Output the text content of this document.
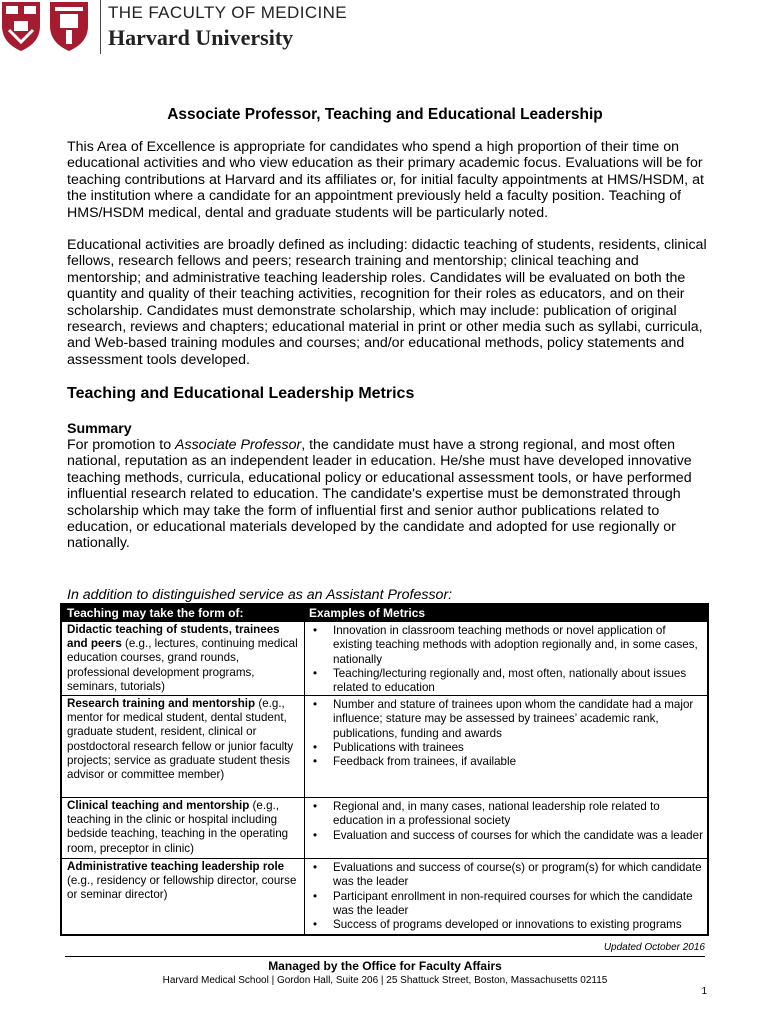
THE FACULTY OF MEDICINE
Harvard University
Associate Professor, Teaching and Educational Leadership

This Area of Excellence is appropriate for candidates who spend a high proportion of their time on educational activities and who view education as their primary academic focus. Evaluations will be for teaching contributions at Harvard and its affiliates or, for initial faculty appointments at HMS/HSDM, at the institution where a candidate for an appointment previously held a faculty position. Teaching of HMS/HSDM medical, dental and graduate students will be particularly noted.

Educational activities are broadly defined as including: didactic teaching of students, residents, clinical fellows, research fellows and peers; research training and mentorship; clinical teaching and mentorship; and administrative teaching leadership roles. Candidates will be evaluated on both the quantity and quality of their teaching activities, recognition for their roles as educators, and on their scholarship. Candidates must demonstrate scholarship, which may include: publication of original research, reviews and chapters; educational material in print or other media such as syllabi, curricula, and Web-based training modules and courses; and/or educational methods, policy statements and assessment tools developed.

Teaching and Educational Leadership Metrics
Summary

For promotion to Associate Professor, the candidate must have a strong regional, and most often national, reputation as an independent leader in education. He/she must have developed innovative teaching methods, curricula, educational policy or educational assessment tools, or have performed influential research related to education. The candidate's expertise must be demonstrated through scholarship which may take the form of influential first and senior author publications related to education, or educational materials developed by the candidate and adopted for use regionally or nationally.

In addition to distinguished service as an Assistant Professor:
Teaching may take the form of:	Examples of Metrics
Didactic teaching of students, trainees and peers (e.g., lectures, continuing medical education courses, grand rounds, professional development programs, seminars, tutorials)
• Innovation in classroom teaching methods or novel application of existing teaching methods with adoption regionally and, in some cases, nationally
• Teaching/lecturing regionally and, most often, nationally about issues related to education
Research training and mentorship (e.g., mentor for medical student, dental student, graduate student, resident, clinical or postdoctoral research fellow or junior faculty projects; service as graduate student thesis advisor or committee member)
• Number and stature of trainees upon whom the candidate had a major influence; stature may be assessed by trainees’ academic rank, publications, funding and awards
• Publications with trainees
• Feedback from trainees, if available
Clinical teaching and mentorship (e.g., teaching in the clinic or hospital including bedside teaching, teaching in the operating room, preceptor in clinic)
• Regional and, in many cases, national leadership role related to education in a professional society
• Evaluation and success of courses for which the candidate was a leader
Administrative teaching leadership role (e.g., residency or fellowship director, course or seminar director)
• Evaluations and success of course(s) or program(s) for which candidate was the leader
• Participant enrollment in non-required courses for which the candidate was the leader
• Success of programs developed or innovations to existing programs
Updated October 2016
Managed by the Office for Faculty Affairs
Harvard Medical School | Gordon Hall, Suite 206 | 25 Shattuck Street, Boston, Massachusetts 02115
1
